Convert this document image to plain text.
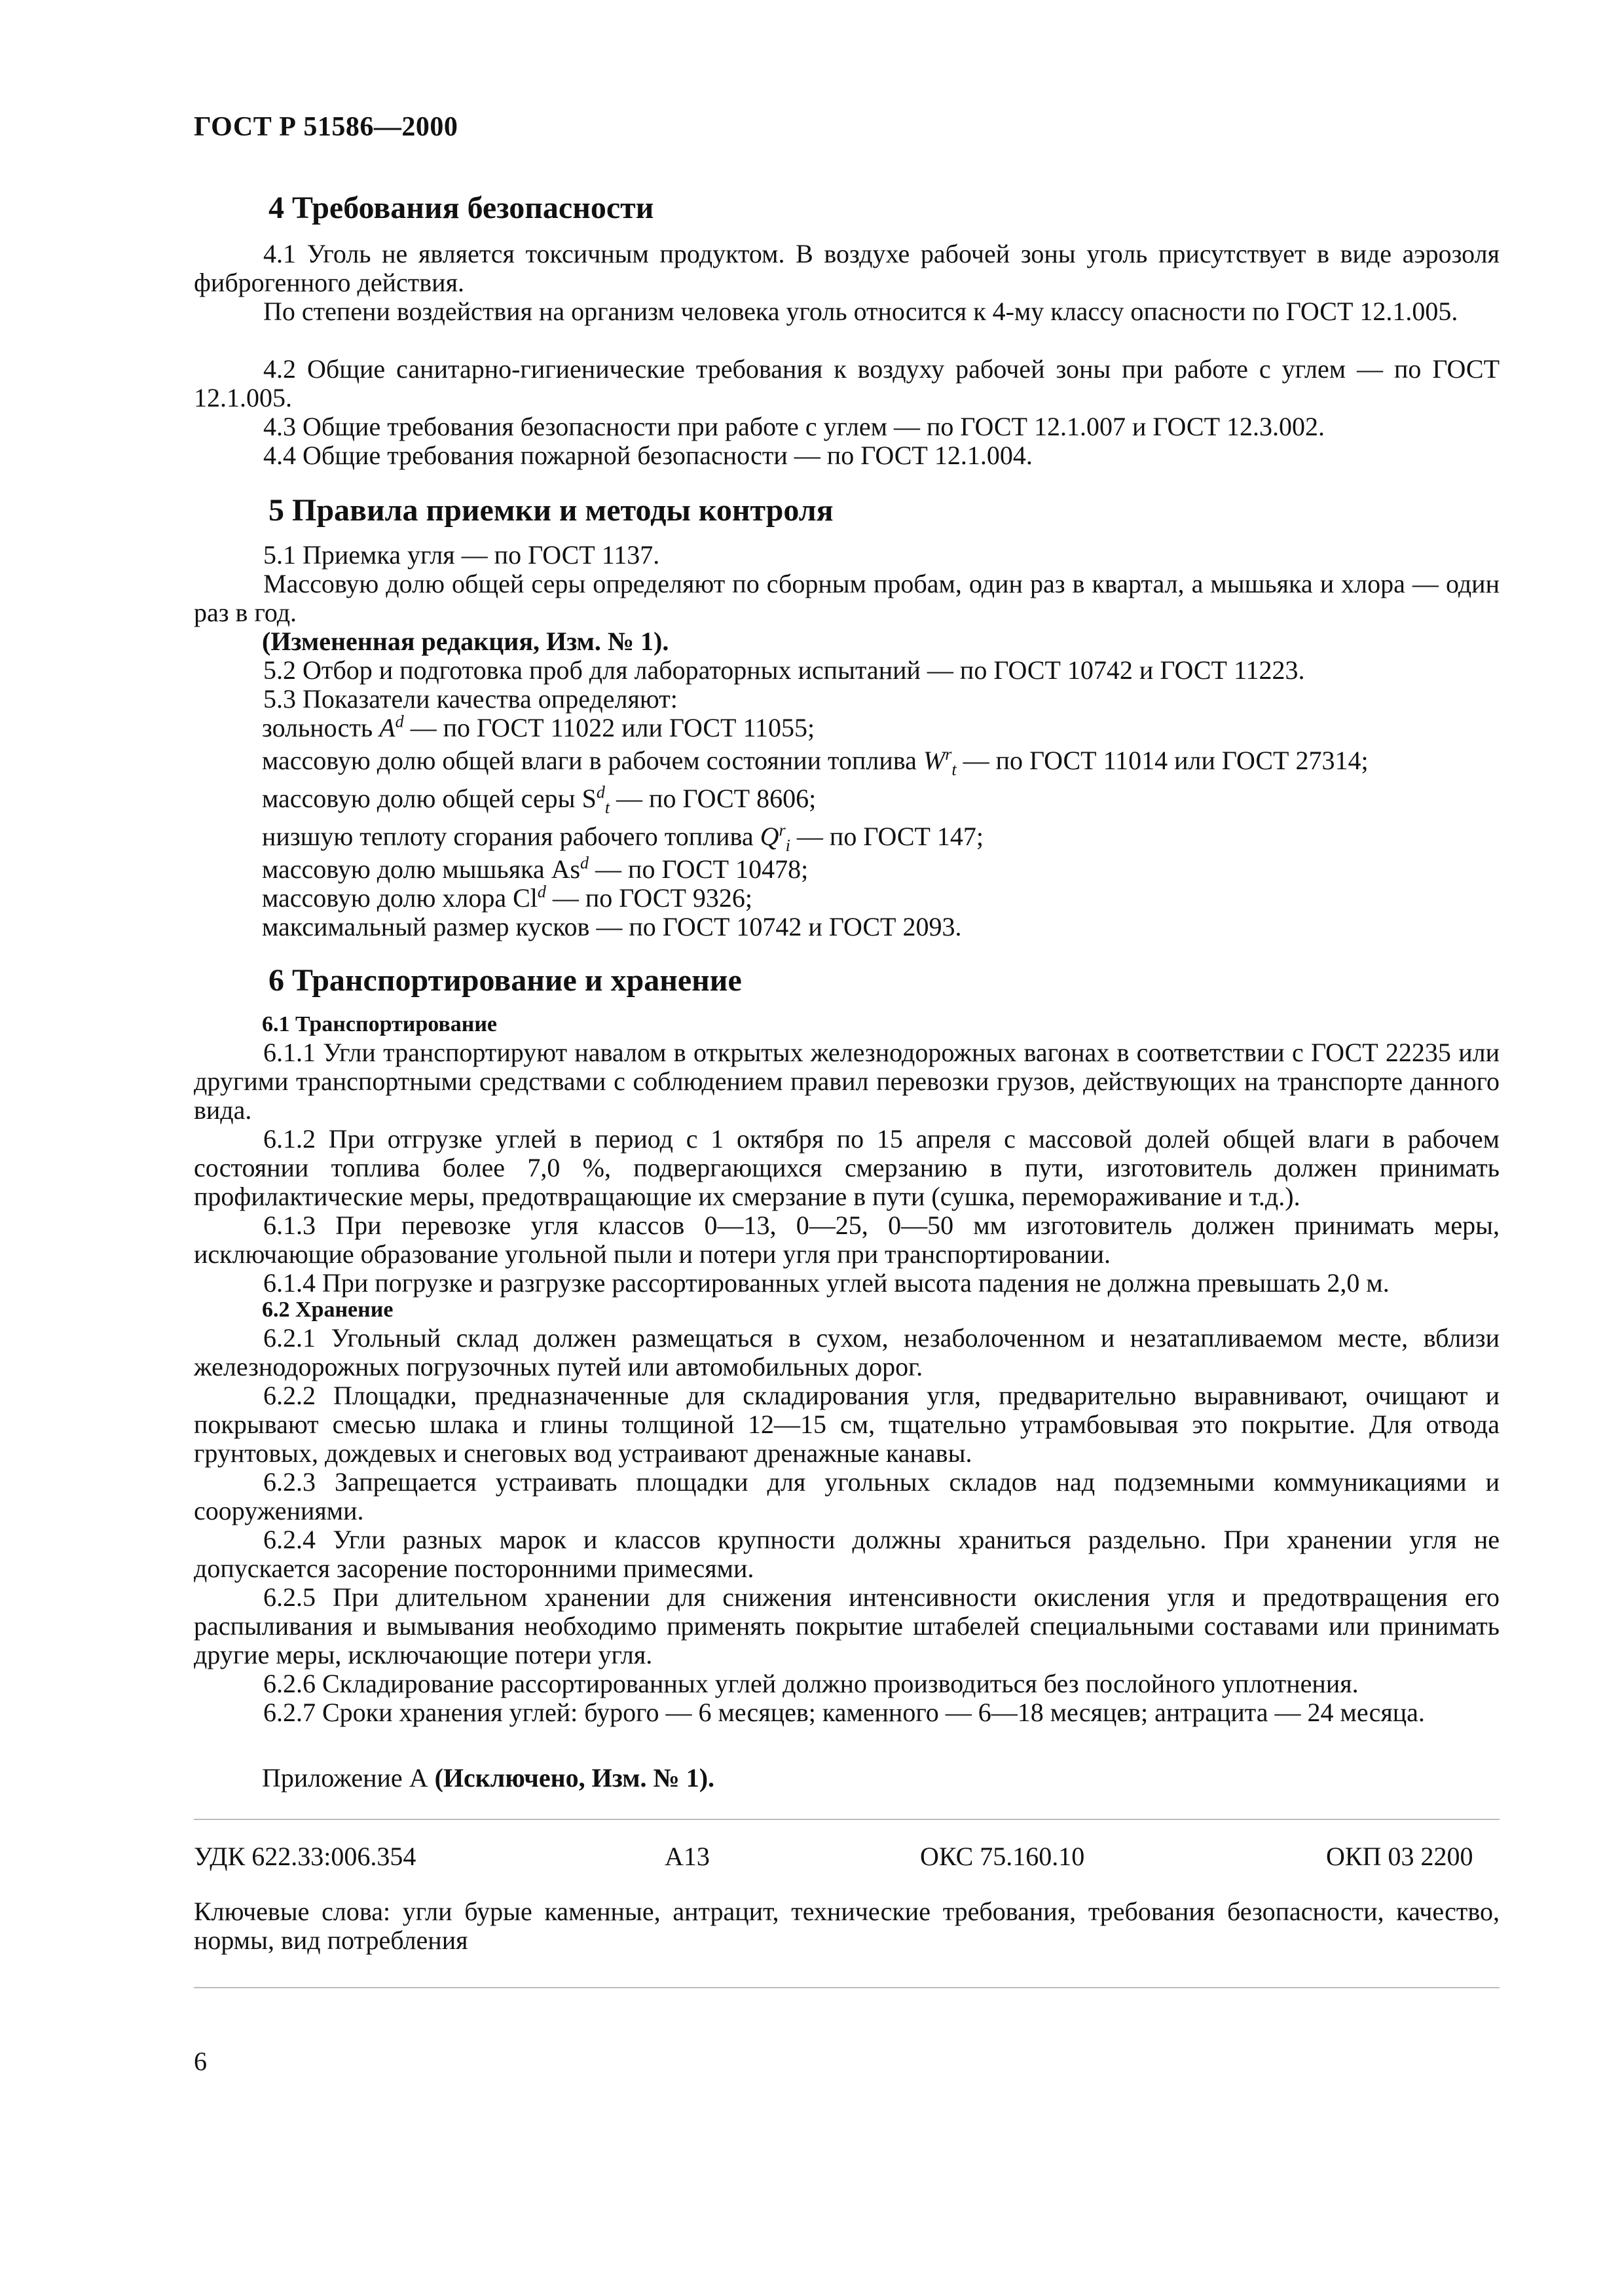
ГОСТ Р 51586—2000
4 Требования безопасности
4.1 Уголь не является токсичным продуктом. В воздухе рабочей зоны уголь присутствует в виде аэрозоля фиброгенного действия.
По степени воздействия на организм человека уголь относится к 4-му классу опасности по ГОСТ 12.1.005.
4.2 Общие санитарно-гигиенические требования к воздуху рабочей зоны при работе с углем — по ГОСТ 12.1.005.
4.3 Общие требования безопасности при работе с углем — по ГОСТ 12.1.007 и ГОСТ 12.3.002.
4.4 Общие требования пожарной безопасности — по ГОСТ 12.1.004.
5 Правила приемки и методы контроля
5.1 Приемка угля — по ГОСТ 1137.
Массовую долю общей серы определяют по сборным пробам, один раз в квартал, а мышьяка и хлора — один раз в год.
(Измененная редакция, Изм. № 1).
5.2 Отбор и подготовка проб для лабораторных испытаний — по ГОСТ 10742 и ГОСТ 11223.
5.3 Показатели качества определяют:
зольность $A^d$ — по ГОСТ 11022 или ГОСТ 11055;
массовую долю общей влаги в рабочем состоянии топлива $W^r_t$ — по ГОСТ 11014 или ГОСТ 27314;
массовую долю общей серы $S^d_t$ — по ГОСТ 8606;
низшую теплоту сгорания рабочего топлива $Q^r_i$ — по ГОСТ 147;
массовую долю мышьяка As$^d$ — по ГОСТ 10478;
массовую долю хлора Cl$^d$ — по ГОСТ 9326;
максимальный размер кусков — по ГОСТ 10742 и ГОСТ 2093.
6 Транспортирование и хранение
6.1 Транспортирование
6.1.1 Угли транспортируют навалом в открытых железнодорожных вагонах в соответствии с ГОСТ 22235 или другими транспортными средствами с соблюдением правил перевозки грузов, действующих на транспорте данного вида.
6.1.2 При отгрузке углей в период с 1 октября по 15 апреля с массовой долей общей влаги в рабочем состоянии топлива более 7,0 %, подвергающихся смерзанию в пути, изготовитель должен принимать профилактические меры, предотвращающие их смерзание в пути (сушка, перемораживание и т.д.).
6.1.3 При перевозке угля классов 0—13, 0—25, 0—50 мм изготовитель должен принимать меры, исключающие образование угольной пыли и потери угля при транспортировании.
6.1.4 При погрузке и разгрузке рассортированных углей высота падения не должна превышать 2,0 м.
6.2 Хранение
6.2.1 Угольный склад должен размещаться в сухом, незаболоченном и незатапливаемом месте, вблизи железнодорожных погрузочных путей или автомобильных дорог.
6.2.2 Площадки, предназначенные для складирования угля, предварительно выравнивают, очищают и покрывают смесью шлака и глины толщиной 12—15 см, тщательно утрамбовывая это покрытие. Для отвода грунтовых, дождевых и снеговых вод устраивают дренажные канавы.
6.2.3 Запрещается устраивать площадки для угольных складов над подземными коммуникациями и сооружениями.
6.2.4 Угли разных марок и классов крупности должны храниться раздельно. При хранении угля не допускается засорение посторонними примесями.
6.2.5 При длительном хранении для снижения интенсивности окисления угля и предотвращения его распыливания и вымывания необходимо применять покрытие штабелей специальными составами или принимать другие меры, исключающие потери угля.
6.2.6 Складирование рассортированных углей должно производиться без послойного уплотнения.
6.2.7 Сроки хранения углей: бурого — 6 месяцев; каменного — 6—18 месяцев; антрацита — 24 месяца.
Приложение А (Исключено, Изм. № 1).
УДК 622.33:006.354	А13	ОКС 75.160.10	ОКП 03 2200
Ключевые слова: угли бурые каменные, антрацит, технические требования, требования безопасности, качество, нормы, вид потребления
6
